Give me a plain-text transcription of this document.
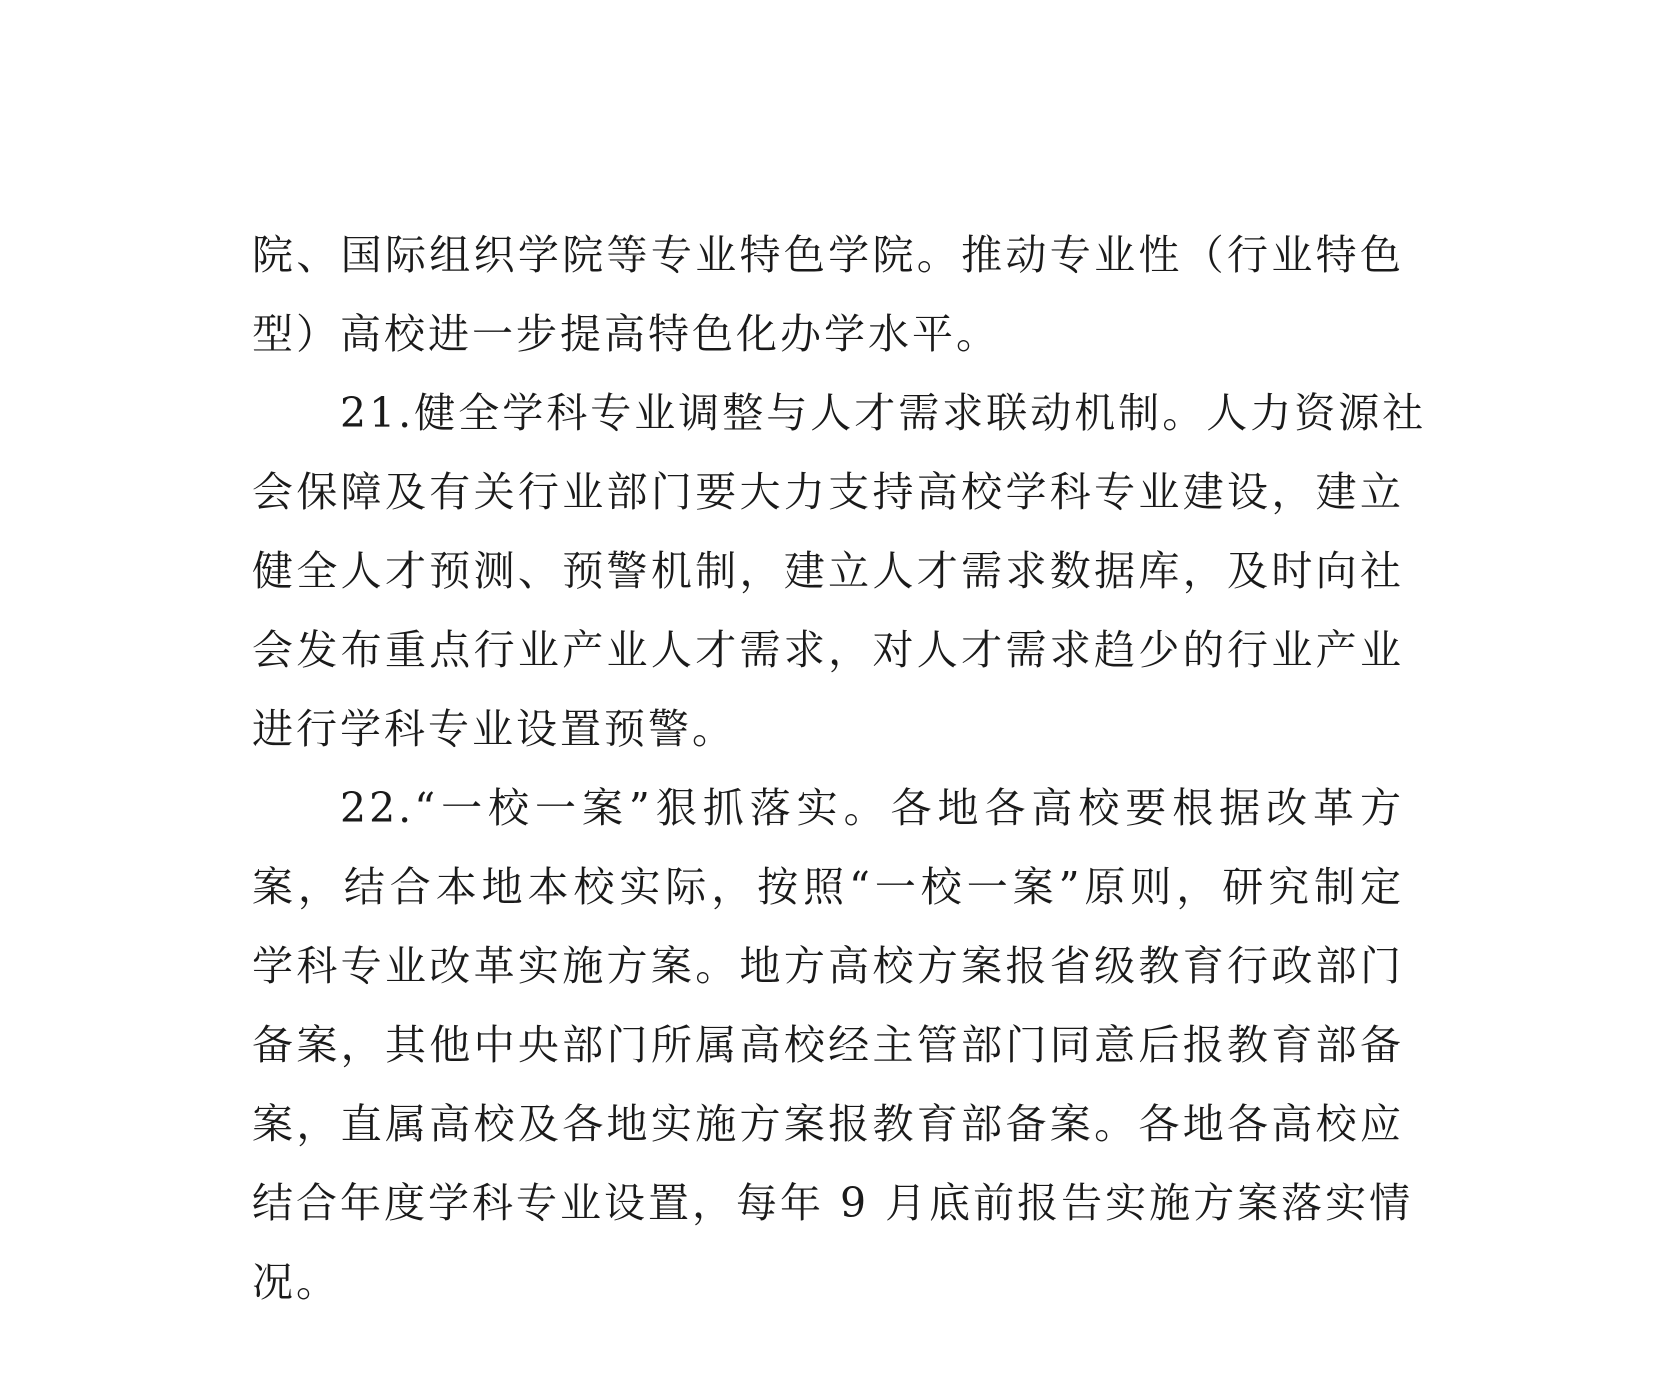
院、国际组织学院等专业特色学院。推动专业性（行业特色
型）高校进一步提高特色化办学水平。
21.健全学科专业调整与人才需求联动机制。人力资源社
会保障及有关行业部门要大力支持高校学科专业建设，建立
健全人才预测、预警机制，建立人才需求数据库，及时向社
会发布重点行业产业人才需求，对人才需求趋少的行业产业
进行学科专业设置预警。
22.“一校一案”狠抓落实。各地各高校要根据改革方
案，结合本地本校实际，按照“一校一案”原则，研究制定
学科专业改革实施方案。地方高校方案报省级教育行政部门
备案，其他中央部门所属高校经主管部门同意后报教育部备
案，直属高校及各地实施方案报教育部备案。各地各高校应
结合年度学科专业设置，每年 9 月底前报告实施方案落实情
况。
